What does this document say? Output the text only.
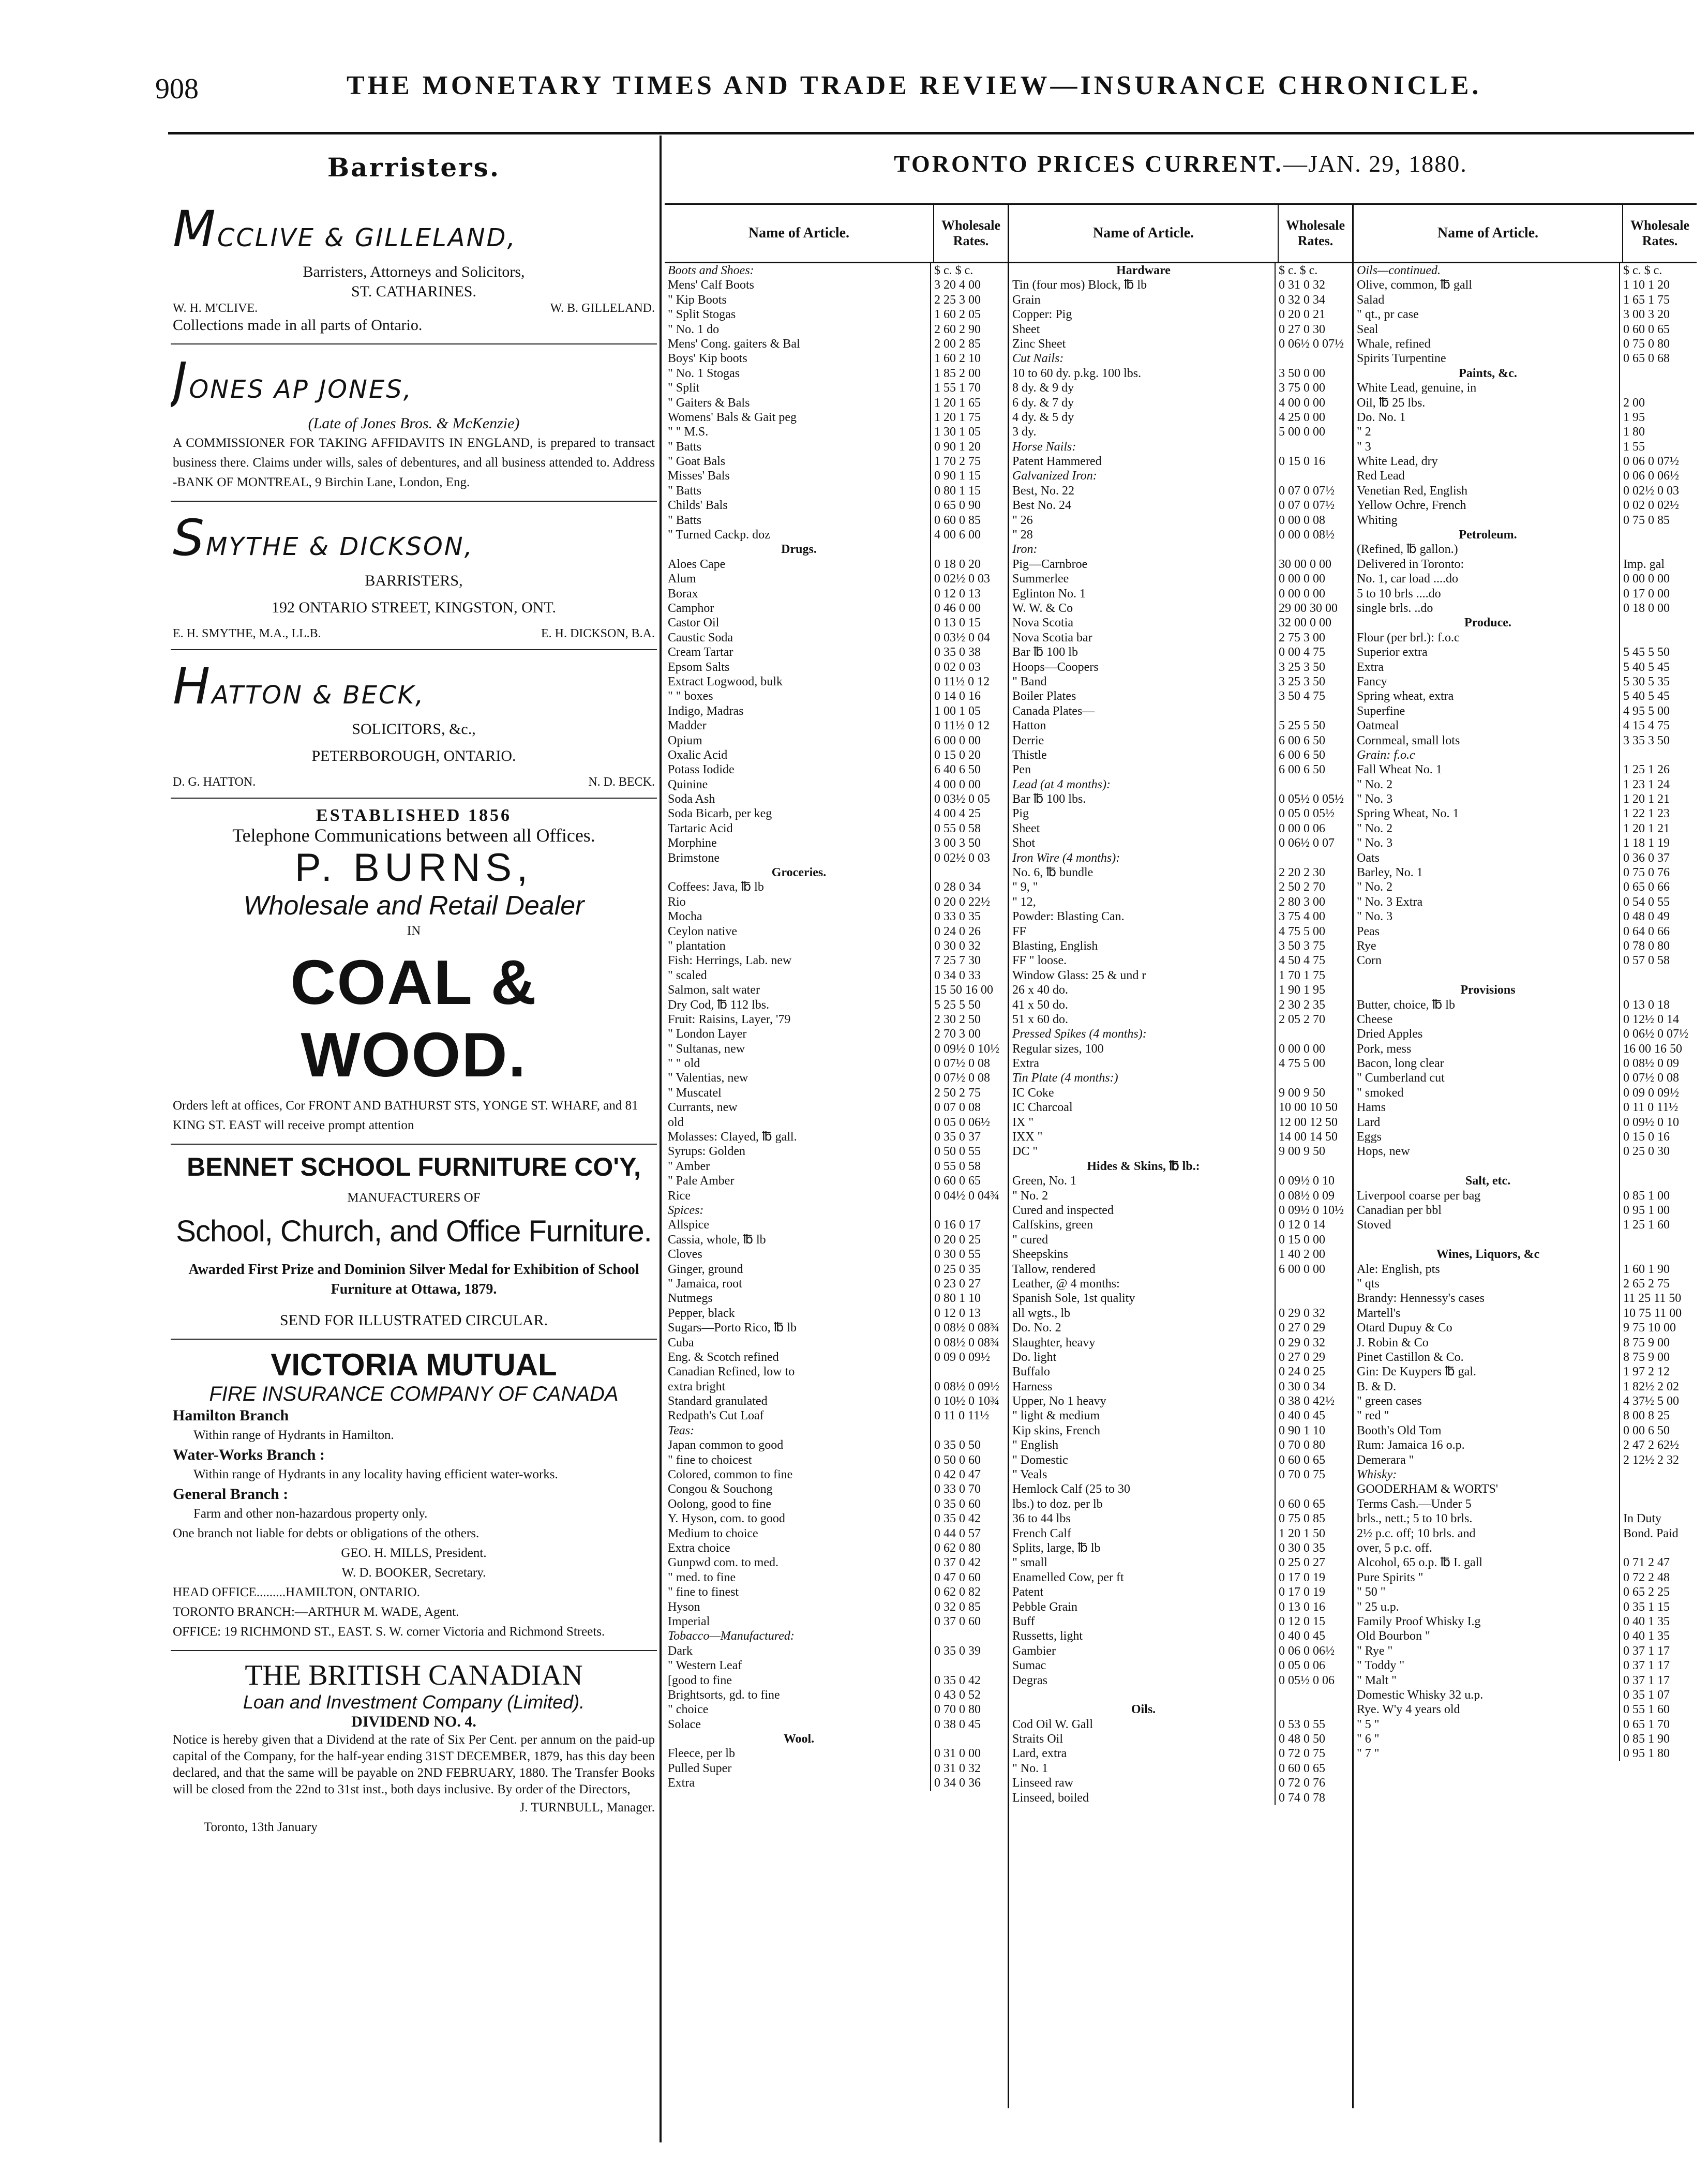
908	THE MONETARY TIMES AND TRADE REVIEW—INSURANCE CHRONICLE.
Barristers.
MCCLIVE & GILLELAND,
Barristers, Attorneys and Solicitors,
ST. CATHARINES.
W. H. M'CLIVE.	W. B. GILLELAND.
Collections made in all parts of Ontario.
JONES AP JONES,
(Late of Jones Bros. & McKenzie)
A COMMISSIONER FOR TAKING AFFIDAVITS IN ENGLAND, is prepared to transact business there. Claims under wills, sales of debentures, and all business attended to. Address -BANK OF MONTREAL, 9 Birchin Lane, London, Eng.
SMYTHE & DICKSON,
BARRISTERS,
192 ONTARIO STREET, KINGSTON, ONT.
E. H. SMYTHE, M.A., LL.B.	E. H. DICKSON, B.A.
HATTON & BECK,
SOLICITORS, &c.,
PETERBOROUGH, ONTARIO.
D. G. HATTON.	N. D. BECK.
ESTABLISHED 1856
Telephone Communications between all Offices.
P. BURNS,
Wholesale and Retail Dealer
IN
COAL & WOOD.
Orders left at offices, Cor FRONT AND BATHURST STS, YONGE ST. WHARF, and 81 KING ST. EAST will receive prompt attention
BENNET SCHOOL FURNITURE CO'Y,
MANUFACTURERS OF
School, Church, and Office Furniture.
Awarded First Prize and Dominion Silver Medal for Exhibition of School Furniture at Ottawa, 1879.
SEND FOR ILLUSTRATED CIRCULAR.
VICTORIA MUTUAL
FIRE INSURANCE COMPANY OF CANADA
Hamilton Branch
Within range of Hydrants in Hamilton.
Water-Works Branch :
Within range of Hydrants in any locality having efficient water-works.
General Branch :
Farm and other non-hazardous property only.
One branch not liable for debts or obligations of the others.
GEO. H. MILLS, President.
W. D. BOOKER, Secretary.
HEAD OFFICE.........HAMILTON, ONTARIO.
TORONTO BRANCH:—ARTHUR M. WADE, Agent.
OFFICE: 19 RICHMOND ST., EAST. S. W. corner Victoria and Richmond Streets.
THE BRITISH CANADIAN
Loan and Investment Company (Limited).
DIVIDEND NO. 4.
Notice is hereby given that a Dividend at the rate of Six Per Cent. per annum on the paid-up capital of the Company, for the half-year ending 31ST DECEMBER, 1879, has this day been declared, and that the same will be payable on 2ND FEBRUARY, 1880. The Transfer Books will be closed from the 22nd to 31st inst., both days inclusive. By order of the Directors,
J. TURNBULL, Manager.
Toronto, 13th January
TORONTO PRICES CURRENT.—JAN. 29, 1880.
Name of Article.	Wholesale Rates.
Boots and Shoes:	$ c. $ c.
Mens' Calf Boots	3 20 4 00
" Kip Boots	2 25 3 00
" Split Stogas	1 60 2 05
" No. 1 do	2 60 2 90
Mens' Cong. gaiters & Bal	2 00 2 85
Boys' Kip boots	1 60 2 10
" No. 1 Stogas	1 85 2 00
" Split	1 55 1 70
" Gaiters & Bals	1 20 1 65
Womens' Bals & Gait peg	1 20 1 75
" " M.S.	1 30 1 05
" Batts	0 90 1 20
" Goat Bals	1 70 2 75
Misses' Bals	0 90 1 15
" Batts	0 80 1 15
Childs' Bals	0 65 0 90
" Batts	0 60 0 85
" Turned Cackp. doz	4 00 6 00
Drugs.
Aloes Cape	0 18 0 20
Alum	0 02½ 0 03
Borax	0 12 0 13
Camphor	0 46 0 00
Castor Oil	0 13 0 15
Caustic Soda	0 03½ 0 04
Cream Tartar	0 35 0 38
Epsom Salts	0 02 0 03
Extract Logwood, bulk	0 11½ 0 12
" " boxes	0 14 0 16
Indigo, Madras	1 00 1 05
Madder	0 11½ 0 12
Opium	6 00 0 00
Oxalic Acid	0 15 0 20
Potass Iodide	6 40 6 50
Quinine	4 00 0 00
Soda Ash	0 03½ 0 05
Soda Bicarb, per keg	4 00 4 25
Tartaric Acid	0 55 0 58
Morphine	3 00 3 50
Brimstone	0 02½ 0 03
Groceries.
Coffees: Java, ℔ lb	0 28 0 34
Rio	0 20 0 22½
Mocha	0 33 0 35
Ceylon native	0 24 0 26
" plantation	0 30 0 32
Fish: Herrings, Lab. new	7 25 7 30
" scaled	0 34 0 33
Salmon, salt water	15 50 16 00
Dry Cod, ℔ 112 lbs.	5 25 5 50
Fruit: Raisins, Layer, '79	2 30 2 50
" London Layer	2 70 3 00
" Sultanas, new	0 09½ 0 10½
" " old	0 07½ 0 08
" Valentias, new	0 07½ 0 08
" Muscatel	2 50 2 75
Currants, new	0 07 0 08
old	0 05 0 06½
Molasses: Clayed, ℔ gall.	0 35 0 37
Syrups: Golden	0 50 0 55
" Amber	0 55 0 58
" Pale Amber	0 60 0 65
Rice	0 04½ 0 04¾
Spices:
Allspice	0 16 0 17
Cassia, whole, ℔ lb	0 20 0 25
Cloves	0 30 0 55
Ginger, ground	0 25 0 35
" Jamaica, root	0 23 0 27
Nutmegs	0 80 1 10
Pepper, black	0 12 0 13
Sugars—Porto Rico, ℔ lb	0 08½ 0 08¾
Cuba	0 08½ 0 08¾
Eng. & Scotch refined	0 09 0 09½
Canadian Refined, low to
extra bright	0 08½ 0 09½
Standard granulated	0 10½ 0 10¾
Redpath's Cut Loaf	0 11 0 11½
Teas:
Japan common to good	0 35 0 50
" fine to choicest	0 50 0 60
Colored, common to fine	0 42 0 47
Congou & Souchong	0 33 0 70
Oolong, good to fine	0 35 0 60
Y. Hyson, com. to good	0 35 0 42
Medium to choice	0 44 0 57
Extra choice	0 62 0 80
Gunpwd com. to med.	0 37 0 42
" med. to fine	0 47 0 60
" fine to finest	0 62 0 82
Hyson	0 32 0 85
Imperial	0 37 0 60
Tobacco—Manufactured:
Dark	0 35 0 39
" Western Leaf
[good to fine	0 35 0 42
Brightsorts, gd. to fine	0 43 0 52
" choice	0 70 0 80
Solace	0 38 0 45
Wool.
Fleece, per lb	0 31 0 00
Pulled Super	0 31 0 32
Extra	0 34 0 36
Name of Article.	Wholesale Rates.
Hardware	$ c. $ c.
Tin (four mos) Block, ℔ lb	0 31 0 32
Grain	0 32 0 34
Copper: Pig	0 20 0 21
Sheet	0 27 0 30
Zinc Sheet	0 06½ 0 07½
Cut Nails:
10 to 60 dy. p.kg. 100 lbs.	3 50 0 00
8 dy. & 9 dy	3 75 0 00
6 dy. & 7 dy	4 00 0 00
4 dy. & 5 dy	4 25 0 00
3 dy.	5 00 0 00
Horse Nails:
Patent Hammered	0 15 0 16
Galvanized Iron:
Best, No. 22	0 07 0 07½
Best No. 24	0 07 0 07½
" 26	0 00 0 08
" 28	0 00 0 08½
Iron:
Pig—Carnbroe	30 00 0 00
Summerlee	0 00 0 00
Eglinton No. 1	0 00 0 00
W. W. & Co	29 00 30 00
Nova Scotia	32 00 0 00
Nova Scotia bar	2 75 3 00
Bar ℔ 100 lb	0 00 4 75
Hoops—Coopers	3 25 3 50
" Band	3 25 3 50
Boiler Plates	3 50 4 75
Canada Plates—
Hatton	5 25 5 50
Derrie	6 00 6 50
Thistle	6 00 6 50
Pen	6 00 6 50
Lead (at 4 months):
Bar ℔ 100 lbs.	0 05½ 0 05½
Pig	0 05 0 05½
Sheet	0 00 0 06
Shot	0 06½ 0 07
Iron Wire (4 months):
No. 6, ℔ bundle	2 20 2 30
" 9, "	2 50 2 70
" 12,	2 80 3 00
Powder: Blasting Can.	3 75 4 00
FF	4 75 5 00
Blasting, English	3 50 3 75
FF " loose.	4 50 4 75
Window Glass: 25 & und r	1 70 1 75
26 x 40 do.	1 90 1 95
41 x 50 do.	2 30 2 35
51 x 60 do.	2 05 2 70
Pressed Spikes (4 months):
Regular sizes, 100	0 00 0 00
Extra	4 75 5 00
Tin Plate (4 months:)
IC Coke	9 00 9 50
IC Charcoal	10 00 10 50
IX "	12 00 12 50
IXX "	14 00 14 50
DC "	9 00 9 50
Hides & Skins, ℔ lb.:
Green, No. 1	0 09½ 0 10
" No. 2	0 08½ 0 09
Cured and inspected	0 09½ 0 10½
Calfskins, green	0 12 0 14
" cured	0 15 0 00
Sheepskins	1 40 2 00
Tallow, rendered	6 00 0 00
Leather, @ 4 months:
Spanish Sole, 1st quality
all wgts., lb	0 29 0 32
Do. No. 2	0 27 0 29
Slaughter, heavy	0 29 0 32
Do. light	0 27 0 29
Buffalo	0 24 0 25
Harness	0 30 0 34
Upper, No 1 heavy	0 38 0 42½
" light & medium	0 40 0 45
Kip skins, French	0 90 1 10
" English	0 70 0 80
" Domestic	0 60 0 65
" Veals	0 70 0 75
Hemlock Calf (25 to 30
lbs.) to doz. per lb	0 60 0 65
36 to 44 lbs	0 75 0 85
French Calf	1 20 1 50
Splits, large, ℔ lb	0 30 0 35
" small	0 25 0 27
Enamelled Cow, per ft	0 17 0 19
Patent	0 17 0 19
Pebble Grain	0 13 0 16
Buff	0 12 0 15
Russetts, light	0 40 0 45
Gambier	0 06 0 06½
Sumac	0 05 0 06
Degras	0 05½ 0 06
Oils.
Cod Oil W. Gall	0 53 0 55
Straits Oil	0 48 0 50
Lard, extra	0 72 0 75
" No. 1	0 60 0 65
Linseed raw	0 72 0 76
Linseed, boiled	0 74 0 78
Name of Article.	Wholesale Rates.
Oils—continued.	$ c. $ c.
Olive, common, ℔ gall	1 10 1 20
Salad	1 65 1 75
" qt., pr case	3 00 3 20
Seal	0 60 0 65
Whale, refined	0 75 0 80
Spirits Turpentine	0 65 0 68
Paints, &c.
White Lead, genuine, in
Oil, ℔ 25 lbs.	2 00
Do. No. 1	1 95
" 2	1 80
" 3	1 55
White Lead, dry	0 06 0 07½
Red Lead	0 06 0 06½
Venetian Red, English	0 02½ 0 03
Yellow Ochre, French	0 02 0 02½
Whiting	0 75 0 85
Petroleum.
(Refined, ℔ gallon.)
Delivered in Toronto:	Imp. gal
No. 1, car load ....do	0 00 0 00
5 to 10 brls ....do	0 17 0 00
single brls. ..do	0 18 0 00
Produce.
Flour (per brl.): f.o.c
Superior extra	5 45 5 50
Extra	5 40 5 45
Fancy	5 30 5 35
Spring wheat, extra	5 40 5 45
Superfine	4 95 5 00
Oatmeal	4 15 4 75
Cornmeal, small lots	3 35 3 50
Grain: f.o.c
Fall Wheat No. 1	1 25 1 26
" No. 2	1 23 1 24
" No. 3	1 20 1 21
Spring Wheat, No. 1	1 22 1 23
" No. 2	1 20 1 21
" No. 3	1 18 1 19
Oats	0 36 0 37
Barley, No. 1	0 75 0 76
" No. 2	0 65 0 66
" No. 3 Extra	0 54 0 55
" No. 3	0 48 0 49
Peas	0 64 0 66
Rye	0 78 0 80
Corn	0 57 0 58
Provisions
Butter, choice, ℔ lb	0 13 0 18
Cheese	0 12½ 0 14
Dried Apples	0 06½ 0 07½
Pork, mess	16 00 16 50
Bacon, long clear	0 08½ 0 09
" Cumberland cut	0 07½ 0 08
" smoked	0 09 0 09½
Hams	0 11 0 11½
Lard	0 09½ 0 10
Eggs	0 15 0 16
Hops, new	0 25 0 30
Salt, etc.
Liverpool coarse per bag	0 85 1 00
Canadian per bbl	0 95 1 00
Stoved	1 25 1 60
Wines, Liquors, &c
Ale: English, pts	1 60 1 90
" qts	2 65 2 75
Brandy: Hennessy's cases	11 25 11 50
Martell's	10 75 11 00
Otard Dupuy & Co	9 75 10 00
J. Robin & Co	8 75 9 00
Pinet Castillon & Co.	8 75 9 00
Gin: De Kuypers ℔ gal.	1 97 2 12
B. & D.	1 82½ 2 02
" green cases	4 37½ 5 00
" red "	8 00 8 25
Booth's Old Tom	0 00 6 50
Rum: Jamaica 16 o.p.	2 47 2 62½
Demerara "	2 12½ 2 32
Whisky:
GOODERHAM & WORTS'
Terms Cash.—Under 5
brls., nett.; 5 to 10 brls.	In Duty
2½ p.c. off; 10 brls. and	Bond. Paid
over, 5 p.c. off.
Alcohol, 65 o.p. ℔ I. gall	0 71 2 47
Pure Spirits "	0 72 2 48
" 50 "	0 65 2 25
" 25 u.p.	0 35 1 15
Family Proof Whisky I.g	0 40 1 35
Old Bourbon "	0 40 1 35
" Rye "	0 37 1 17
" Toddy "	0 37 1 17
" Malt "	0 37 1 17
Domestic Whisky 32 u.p.	0 35 1 07
Rye. W'y 4 years old	0 55 1 60
" 5 "	0 65 1 70
" 6 "	0 85 1 90
" 7 "	0 95 1 80
